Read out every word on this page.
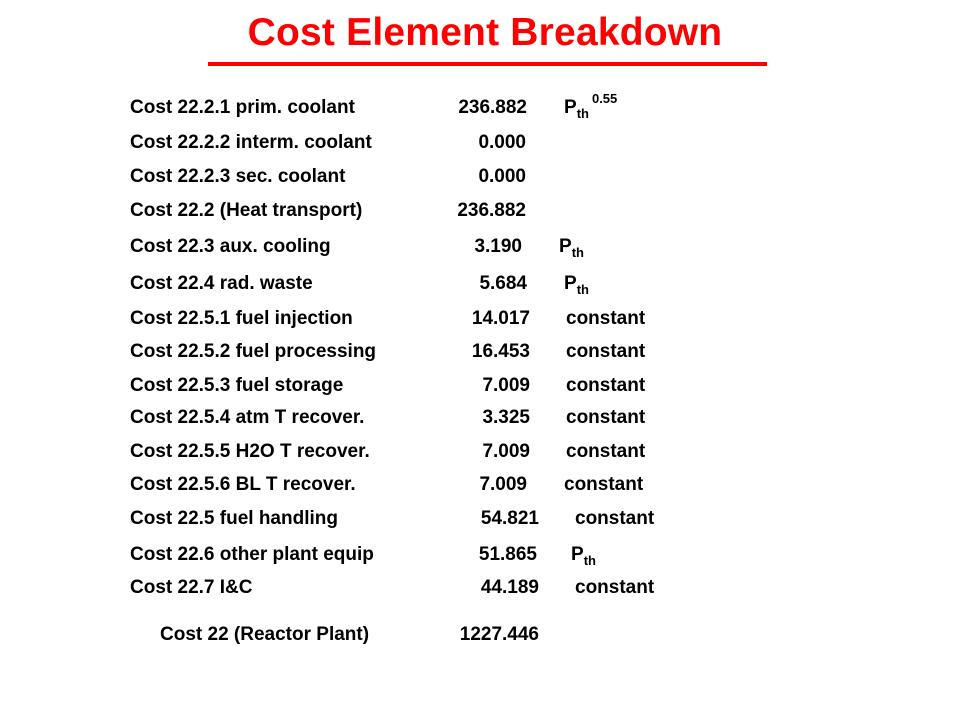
Cost Element Breakdown
Cost 22.2.1 prim. coolant	236.882 $P_{th}^{0.55}$
Cost 22.2.2 interm. coolant	0.000
Cost 22.2.3 sec. coolant	0.000
Cost 22.2 (Heat transport)	236.882
Cost 22.3 aux. cooling	3.190 $P_{th}$
Cost 22.4 rad. waste	5.684 $P_{th}$
Cost 22.5.1 fuel injection	14.017 constant
Cost 22.5.2 fuel processing	16.453 constant
Cost 22.5.3 fuel storage	7.009 constant
Cost 22.5.4 atm T recover.	3.325 constant
Cost 22.5.5 H2O T recover.	7.009 constant
Cost 22.5.6 BL T recover.	7.009 constant
Cost 22.5 fuel handling	54.821 constant
Cost 22.6 other plant equip	51.865 $P_{th}$
Cost 22.7 I&C	44.189 constant
Cost 22 (Reactor Plant)	1227.446
